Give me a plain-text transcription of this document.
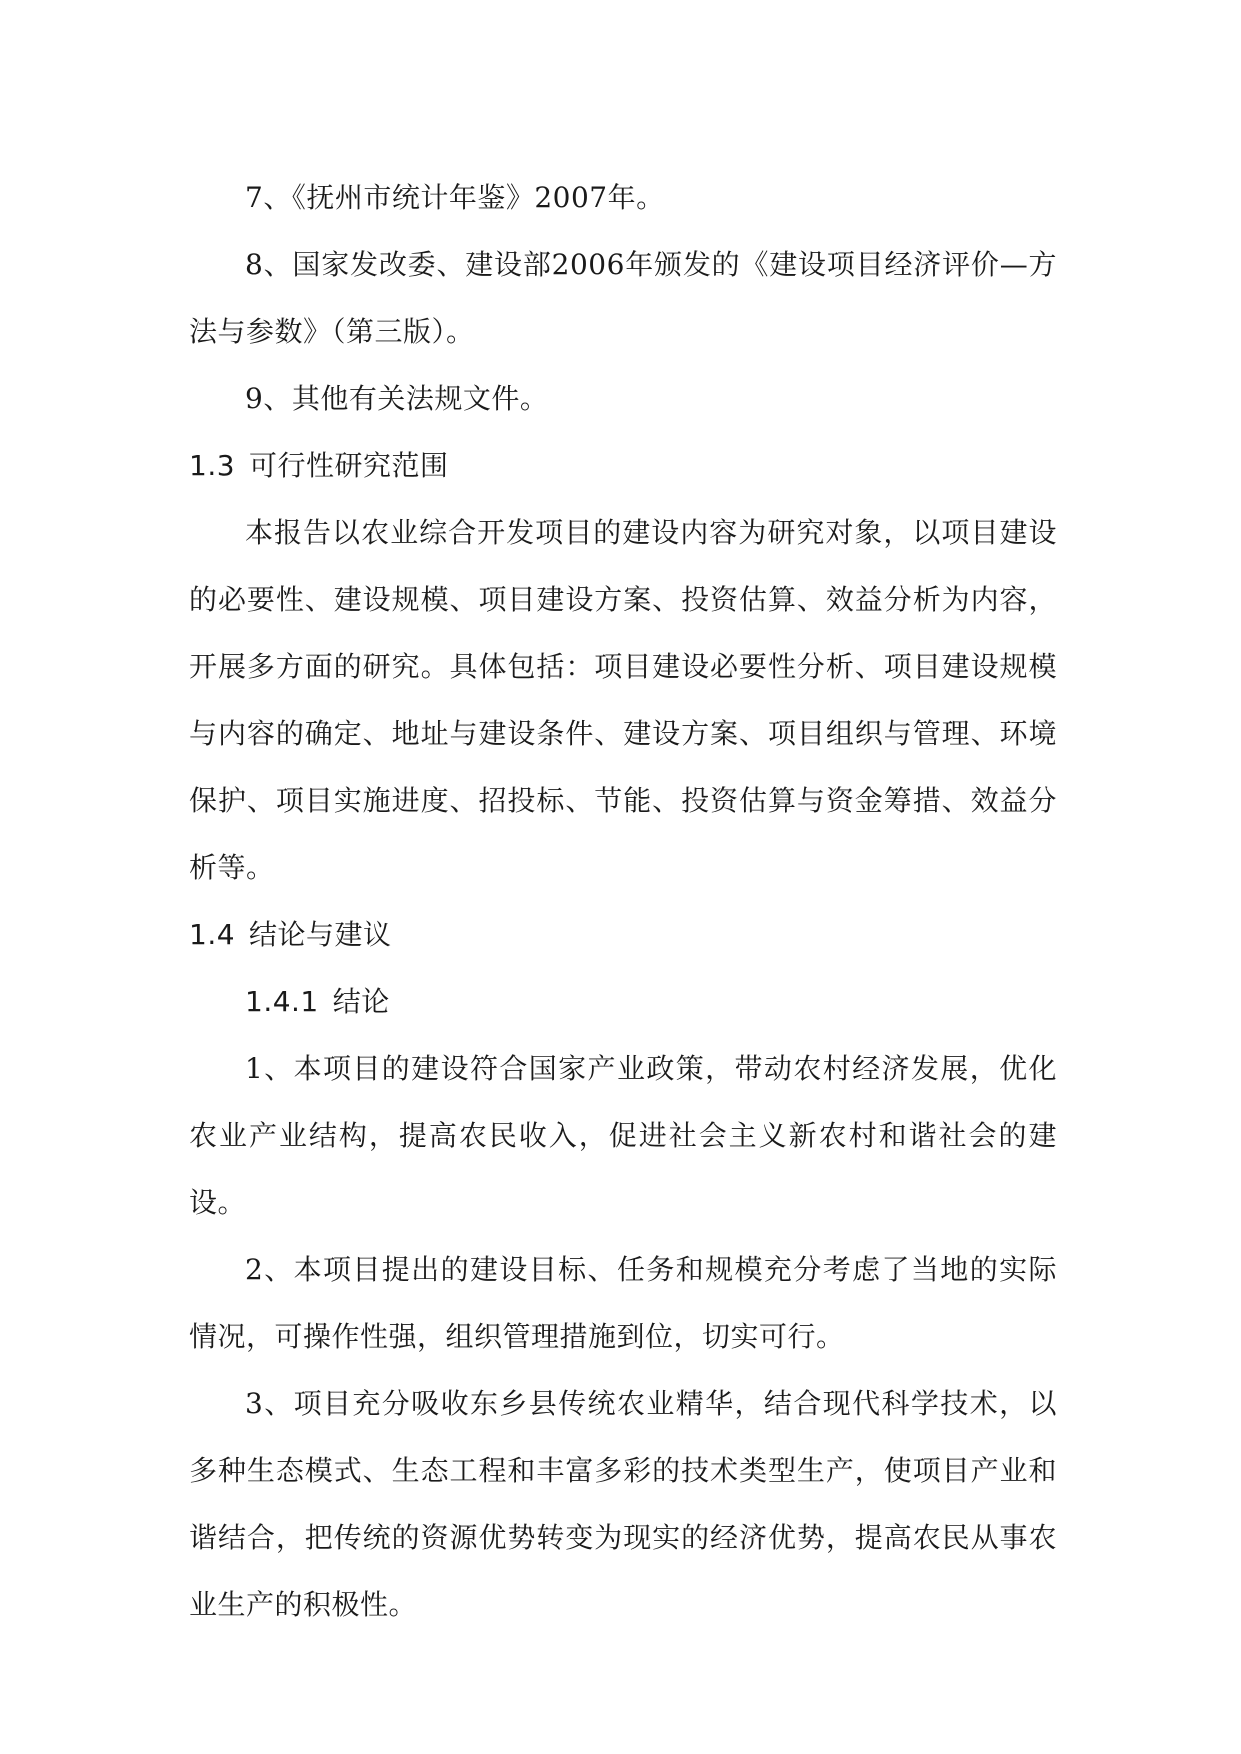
7、《抚州市统计年鉴》2007年。

8、国家发改委、建设部2006年颁发的《建设项目经济评价—方法与参数》（第三版）。

9、其他有关法规文件。

1.3 可行性研究范围

本报告以农业综合开发项目的建设内容为研究对象，以项目建设的必要性、建设规模、项目建设方案、投资估算、效益分析为内容，开展多方面的研究。具体包括：项目建设必要性分析、项目建设规模与内容的确定、地址与建设条件、建设方案、项目组织与管理、环境保护、项目实施进度、招投标、节能、投资估算与资金筹措、效益分析等。

1.4 结论与建议
1.4.1 结论

1、本项目的建设符合国家产业政策，带动农村经济发展，优化农业产业结构，提高农民收入，促进社会主义新农村和谐社会的建设。

2、本项目提出的建设目标、任务和规模充分考虑了当地的实际情况，可操作性强，组织管理措施到位，切实可行。

3、项目充分吸收东乡县传统农业精华，结合现代科学技术，以多种生态模式、生态工程和丰富多彩的技术类型生产，使项目产业和谐结合，把传统的资源优势转变为现实的经济优势，提高农民从事农业生产的积极性。
